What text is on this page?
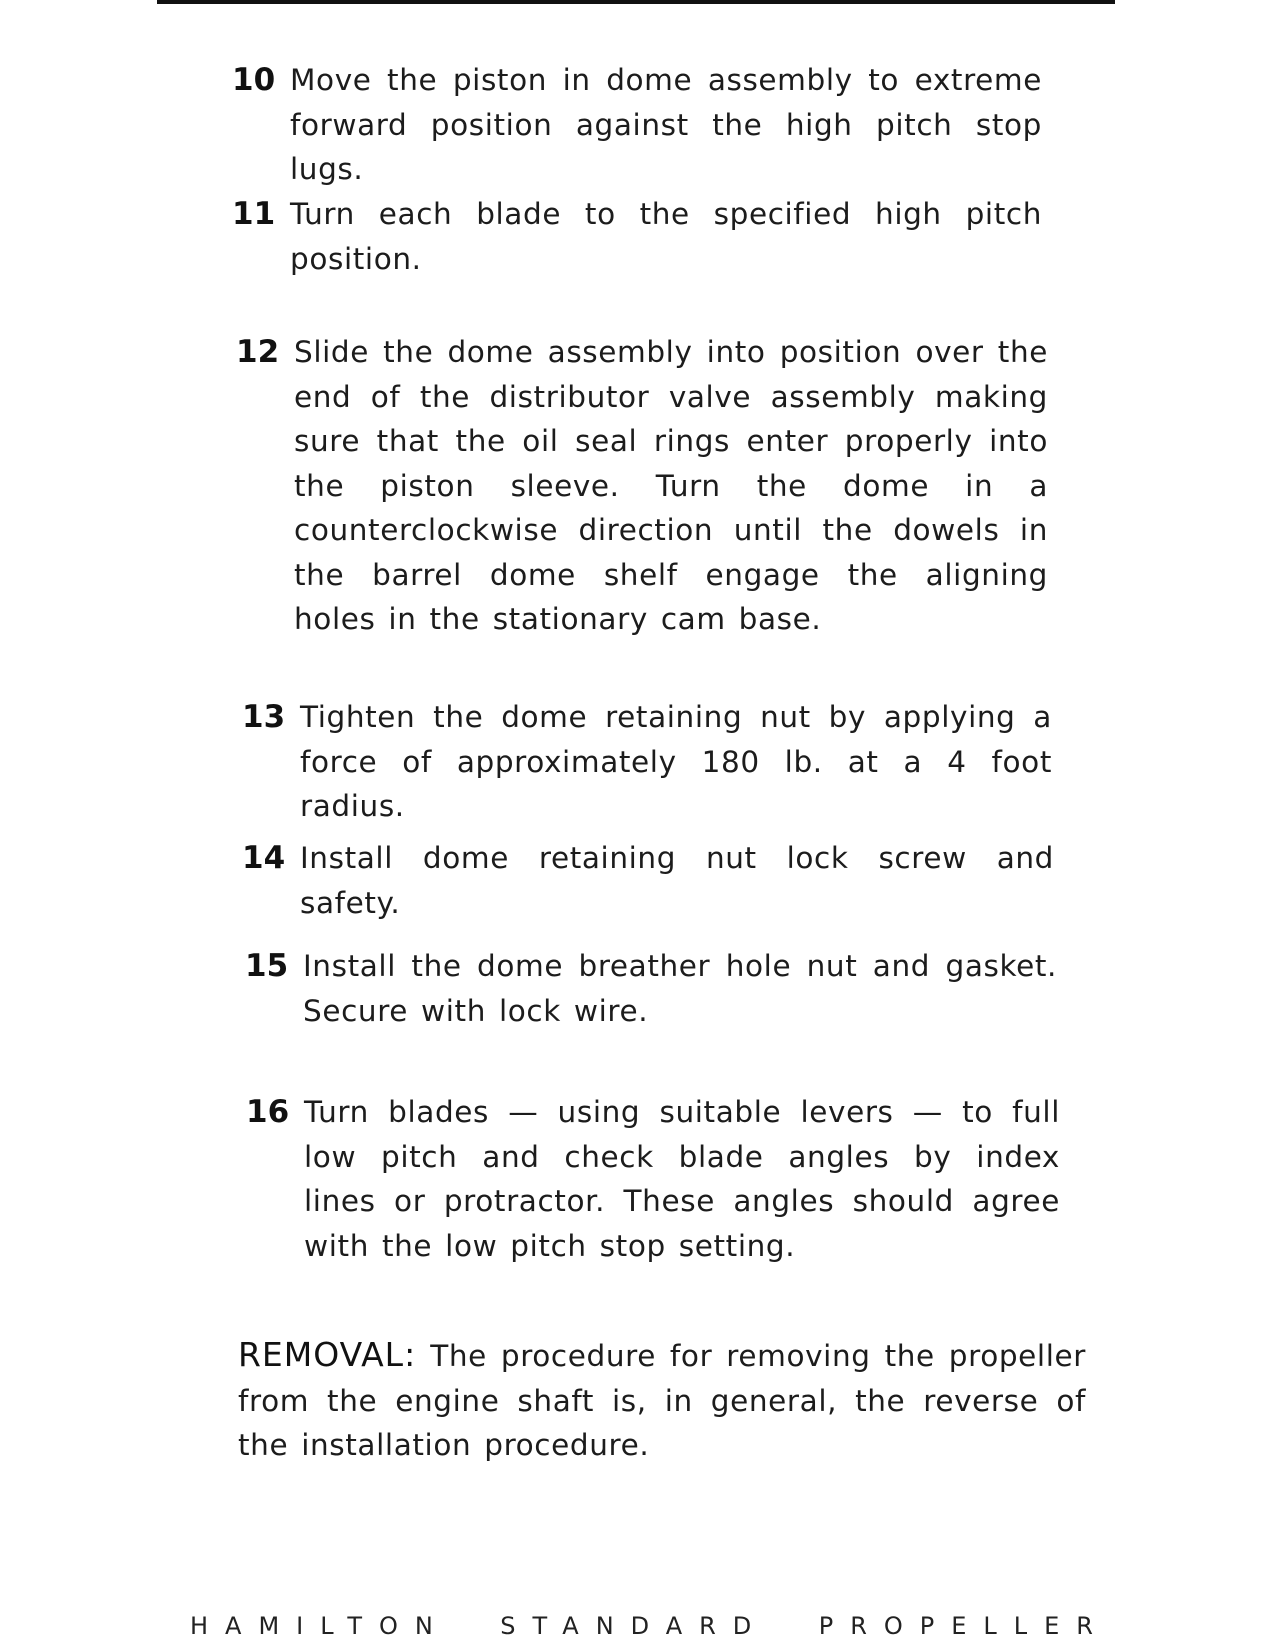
10 Move the piston in dome assembly to extreme forward position against the high pitch stop lugs.
11 Turn each blade to the specified high pitch position.
12 Slide the dome assembly into position over the end of the distributor valve assembly making sure that the oil seal rings enter properly into the piston sleeve. Turn the dome in a counterclockwise direction until the dowels in the barrel dome shelf engage the aligning holes in the stationary cam base.
13 Tighten the dome retaining nut by applying a force of approximately 180 lb. at a 4 foot radius.
14 Install dome retaining nut lock screw and safety.
15 Install the dome breather hole nut and gasket. Secure with lock wire.
16 Turn blades — using suitable levers — to full low pitch and check blade angles by index lines or protractor. These angles should agree with the low pitch stop setting.
REMOVAL: The procedure for removing the propeller from the engine shaft is, in general, the reverse of the installation procedure.
HAMILTON STANDARD PROPELLER
